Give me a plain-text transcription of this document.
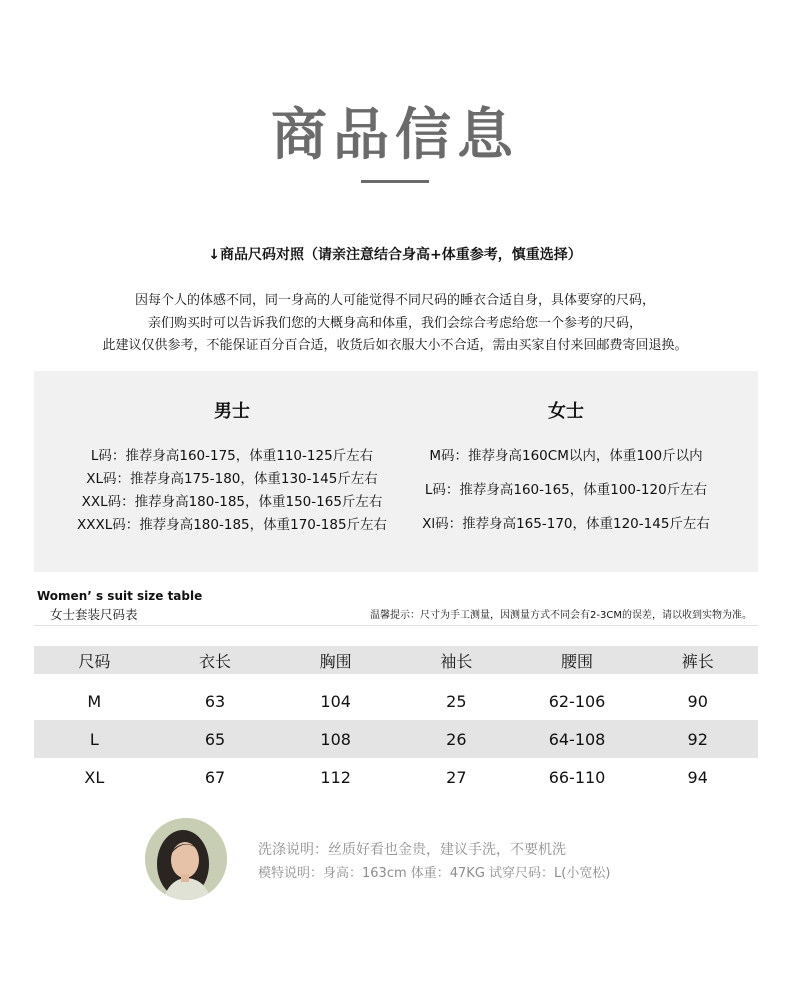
商品信息
↓商品尺码对照（请亲注意结合身高+体重参考，慎重选择）
因每个人的体感不同，同一身高的人可能觉得不同尺码的睡衣合适自身，具体要穿的尺码，
亲们购买时可以告诉我们您的大概身高和体重，我们会综合考虑给您一个参考的尺码，
此建议仅供参考，不能保证百分百合适，收货后如衣服大小不合适，需由买家自付来回邮费寄回退换。
男士
L码：推荐身高160-175，体重110-125斤左右
XL码：推荐身高175-180，体重130-145斤左右
XXL码：推荐身高180-185，体重150-165斤左右
XXXL码：推荐身高180-185，体重170-185斤左右
女士
M码：推荐身高160CM以内，体重100斤以内
L码：推荐身高160-165，体重100-120斤左右
Xl码：推荐身高165-170，体重120-145斤左右
Women’ s suit size table
女士套装尺码表	温馨提示：尺寸为手工测量，因测量方式不同会有2-3CM的误差，请以收到实物为准。
尺码	衣长	胸围	袖长	腰围	裤长
M	63	104	25	62-106	90
L	65	108	26	64-108	92
XL	67	112	27	66-110	94
洗涤说明：丝质好看也金贵，建议手洗，不要机洗
模特说明：身高：163cm 体重：47KG 试穿尺码：L(小宽松)
